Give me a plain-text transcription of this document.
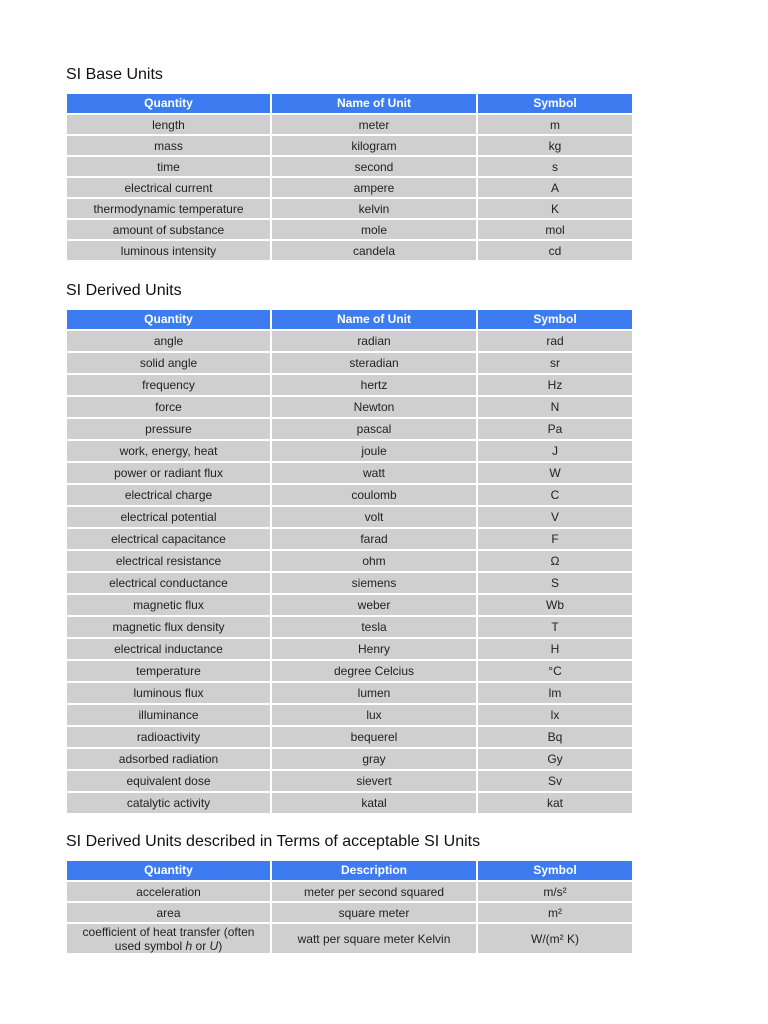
SI Base Units
Quantity	Name of Unit	Symbol
length	meter	m
mass	kilogram	kg
time	second	s
electrical current	ampere	A
thermodynamic temperature	kelvin	K
amount of substance	mole	mol
luminous intensity	candela	cd
SI Derived Units
Quantity	Name of Unit	Symbol
angle	radian	rad
solid angle	steradian	sr
frequency	hertz	Hz
force	Newton	N
pressure	pascal	Pa
work, energy, heat	joule	J
power or radiant flux	watt	W
electrical charge	coulomb	C
electrical potential	volt	V
electrical capacitance	farad	F
electrical resistance	ohm	Ω
electrical conductance	siemens	S
magnetic flux	weber	Wb
magnetic flux density	tesla	T
electrical inductance	Henry	H
temperature	degree Celcius	°C
luminous flux	lumen	lm
illuminance	lux	lx
radioactivity	bequerel	Bq
adsorbed radiation	gray	Gy
equivalent dose	sievert	Sv
catalytic activity	katal	kat
SI Derived Units described in Terms of acceptable SI Units
Quantity	Description	Symbol
acceleration	meter per second squared	m/s²
area	square meter	m²
coefficient of heat transfer (often
used symbol h or U)	watt per square meter Kelvin	W/(m² K)
